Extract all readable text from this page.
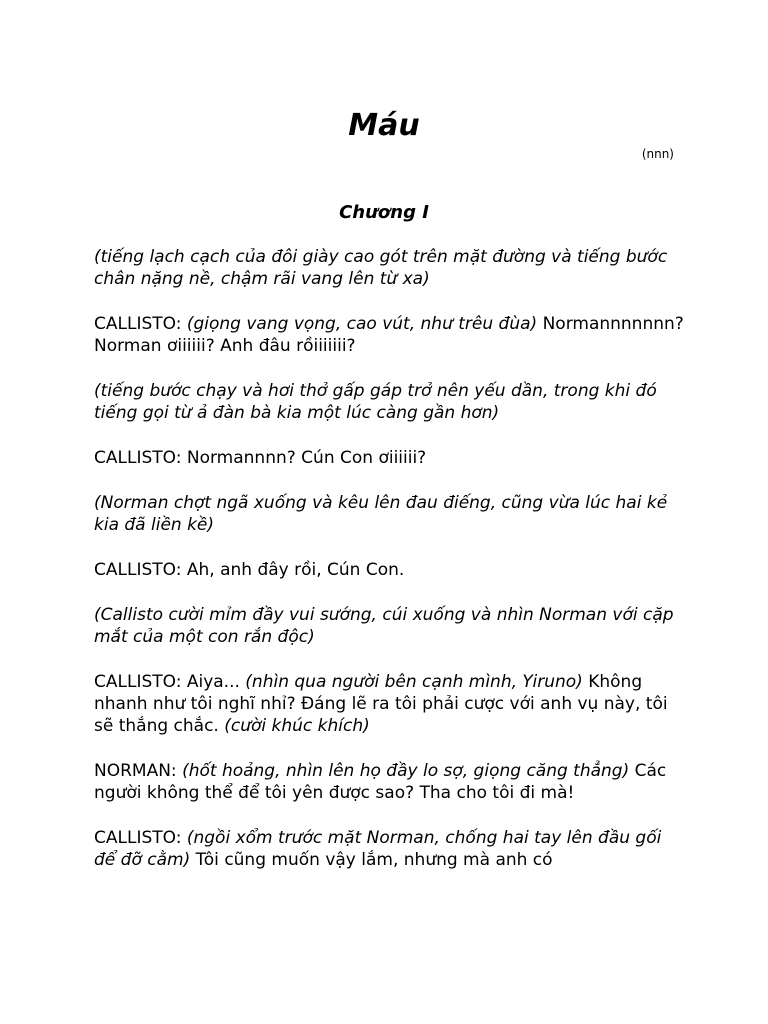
Máu
(nnn)
Chương I

(tiếng lạch cạch của đôi giày cao gót trên mặt đường và tiếng bước chân nặng nề, chậm rãi vang lên từ xa)

CALLISTO: (giọng vang vọng, cao vút, như trêu đùa) Normannnnnnn? Norman ơiiiiii? Anh đâu rồiiiiiii?

(tiếng bước chạy và hơi thở gấp gáp trở nên yếu dần, trong khi đó tiếng gọi từ ả đàn bà kia một lúc càng gần hơn)

CALLISTO: Normannnn? Cún Con ơiiiiii?

(Norman chợt ngã xuống và kêu lên đau điếng, cũng vừa lúc hai kẻ kia đã liền kề)

CALLISTO: Ah, anh đây rồi, Cún Con.

(Callisto cười mỉm đầy vui sướng, cúi xuống và nhìn Norman với cặp mắt của một con rắn độc)

CALLISTO: Aiya... (nhìn qua người bên cạnh mình, Yiruno) Không nhanh như tôi nghĩ nhỉ? Đáng lẽ ra tôi phải cược với anh vụ này, tôi sẽ thắng chắc. (cười khúc khích)

NORMAN: (hốt hoảng, nhìn lên họ đầy lo sợ, giọng căng thẳng) Các người không thể để tôi yên được sao? Tha cho tôi đi mà!

CALLISTO: (ngồi xổm trước mặt Norman, chống hai tay lên đầu gối để đỡ cằm) Tôi cũng muốn vậy lắm, nhưng mà anh có
